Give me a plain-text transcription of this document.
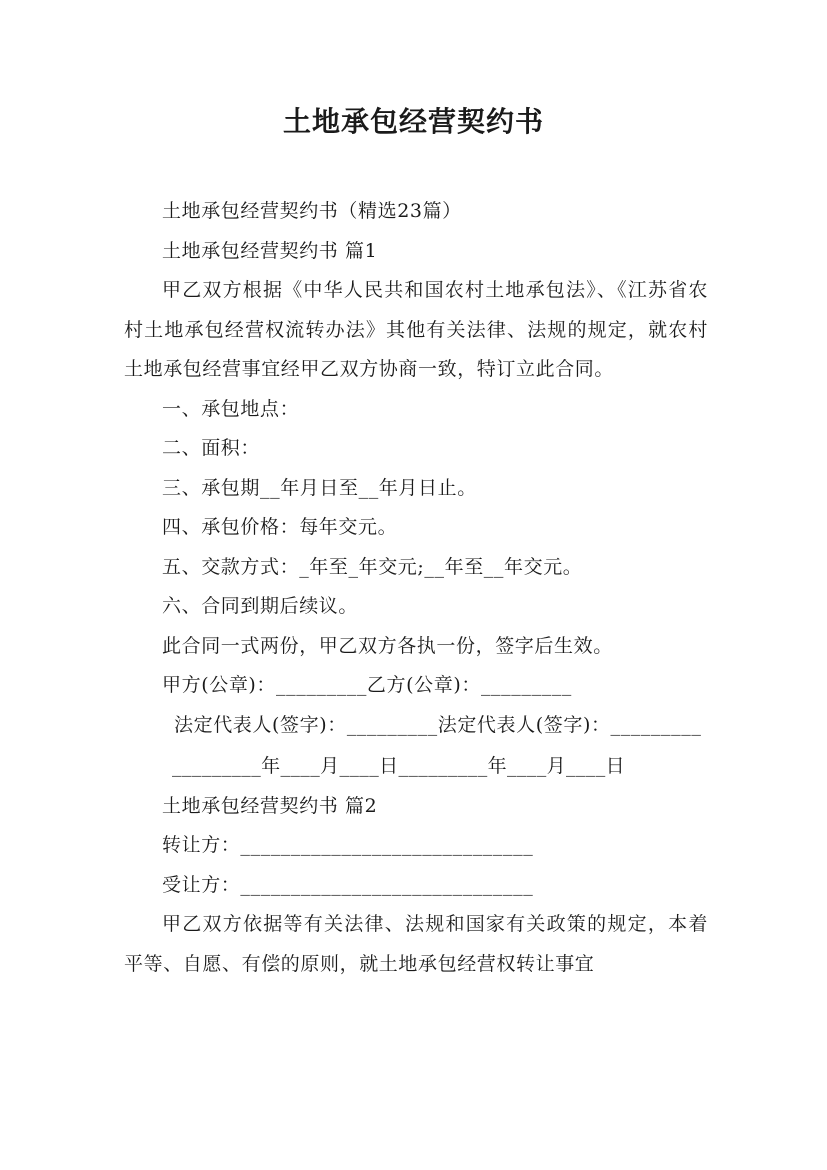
土地承包经营契约书

土地承包经营契约书（精选23篇）

土地承包经营契约书 篇1

甲乙双方根据《中华人民共和国农村土地承包法》、《江苏省农村土地承包经营权流转办法》其他有关法律、法规的规定，就农村土地承包经营事宜经甲乙双方协商一致，特订立此合同。

一、承包地点：

二、面积：

三、承包期__年月日至__年月日止。

四、承包价格：每年交元。

五、交款方式：_年至_年交元;__年至__年交元。

六、合同到期后续议。

此合同一式两份，甲乙双方各执一份，签字后生效。

甲方(公章)：_________乙方(公章)：_________

法定代表人(签字)：_________法定代表人(签字)：_________

_________年____月____日_________年____月____日

土地承包经营契约书 篇2

转让方：_____________________________

受让方：_____________________________

甲乙双方依据等有关法律、法规和国家有关政策的规定，本着平等、自愿、有偿的原则，就土地承包经营权转让事宜
